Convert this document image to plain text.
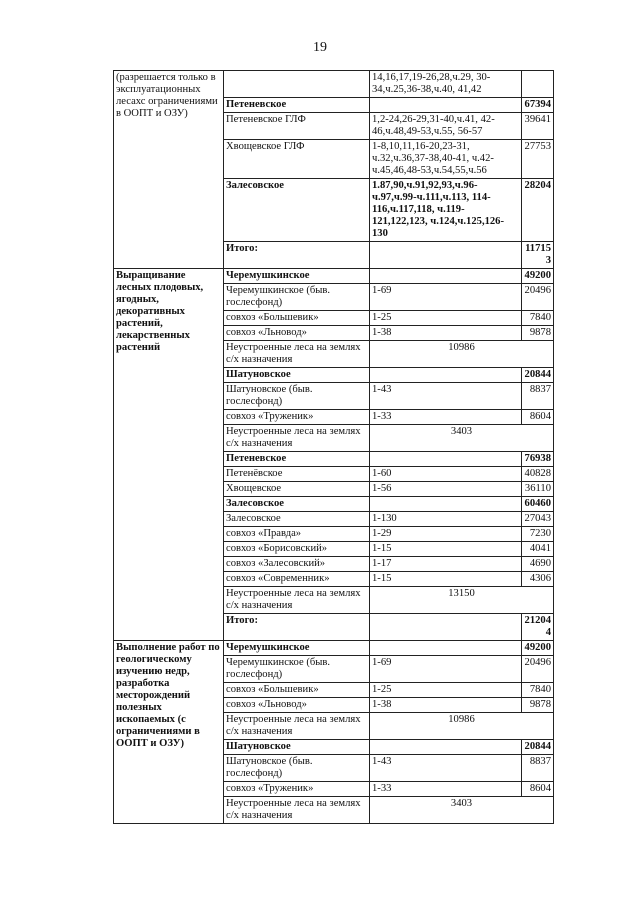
19
(разрешается только в эксплуатационных лесахс ограничениями в ООПТ и ОЗУ)		14,16,17,19-26,28,ч.29, 30-34,ч.25,36-38,ч.40, 41,42	
	Петеневское		67394
	Петеневское ГЛФ	1,2-24,26-29,31-40,ч.41, 42-46,ч.48,49-53,ч.55, 56-57	39641
	Хвощевское ГЛФ	1-8,10,11,16-20,23-31, ч.32,ч.36,37-38,40-41, ч.42-ч.45,46,48-53,ч.54,55,ч.56	27753
	Залесовское	1.87,90,ч.91,92,93,ч.96-ч.97,ч.99-ч.111,ч.113, 114-116,ч.117,118, ч.119-121,122,123, ч.124,ч.125,126-130	28204
	Итого:		117153
Выращивание лесных плодовых, ягодных, декоративных растений, лекарственных растений	Черемушкинское		49200
	Черемушкинское (быв. гослесфонд)	1-69	20496
	совхоз «Большевик»	1-25	7840
	совхоз «Льновод»	1-38	9878
	Неустроенные леса на землях с/х назначения	10986	
	Шатуновское		20844
	Шатуновское (быв. гослесфонд)	1-43	8837
	совхоз «Труженик»	1-33	8604
	Неустроенные леса на землях с/х назначения	3403	
	Петеневское		76938
	Петенёвское	1-60	40828
	Хвощевское	1-56	36110
	Залесовское		60460
	Залесовское	1-130	27043
	совхоз «Правда»	1-29	7230
	совхоз «Борисовский»	1-15	4041
	совхоз «Залесовский»	1-17	4690
	совхоз «Современник»	1-15	4306
	Неустроенные леса на землях с/х назначения	13150	
	Итого:		212044
Выполнение работ по геологическому изучению недр, разработка месторождений полезных ископаемых (с ограничениями в ООПТ и ОЗУ)	Черемушкинское		49200
	Черемушкинское (быв. гослесфонд)	1-69	20496
	совхоз «Большевик»	1-25	7840
	совхоз «Льновод»	1-38	9878
	Неустроенные леса на землях с/х назначения	10986	
	Шатуновское		20844
	Шатуновское (быв. гослесфонд)	1-43	8837
	совхоз «Труженик»	1-33	8604
	Неустроенные леса на землях с/х назначения	3403	
